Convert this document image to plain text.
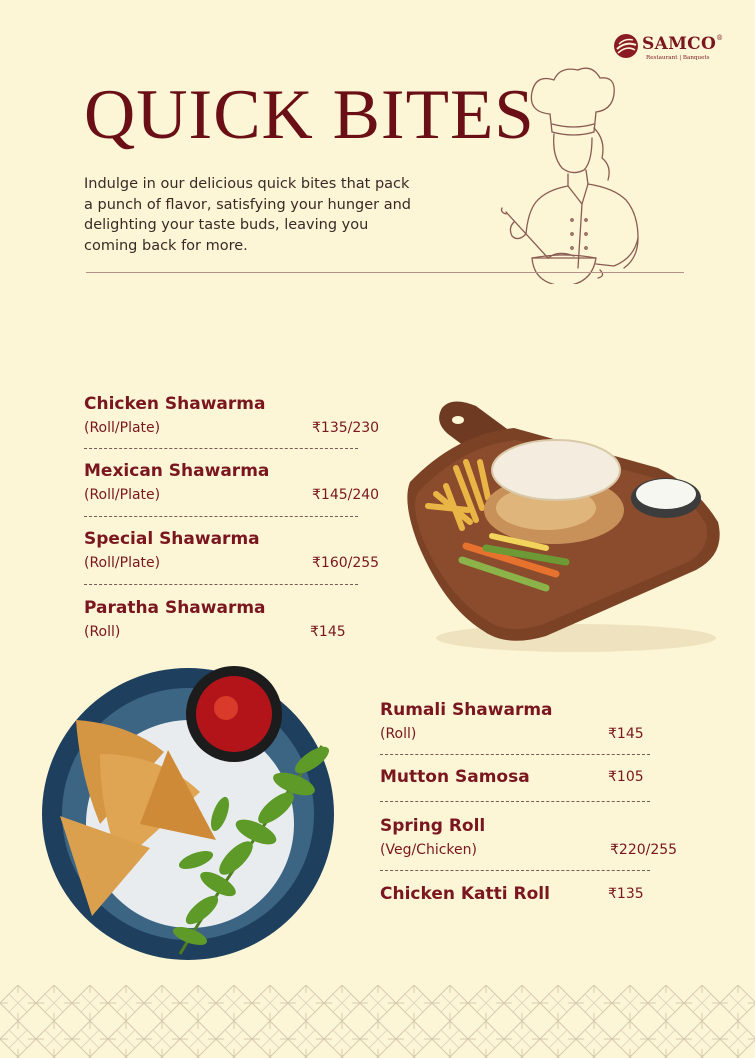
SAMCO®
Restaurant | Banquets
QUICK BITES
Indulge in our delicious quick bites that pack
a punch of flavor, satisfying your hunger and
delighting your taste buds, leaving you
coming back for more.
Chicken Shawarma
(Roll/Plate)	₹135/230
Mexican Shawarma
(Roll/Plate)	₹145/240
Special Shawarma
(Roll/Plate)	₹160/255
Paratha Shawarma
(Roll)	₹145
Rumali Shawarma
(Roll)	₹145
Mutton Samosa	₹105
Spring Roll
(Veg/Chicken)	₹220/255
Chicken Katti Roll	₹135
